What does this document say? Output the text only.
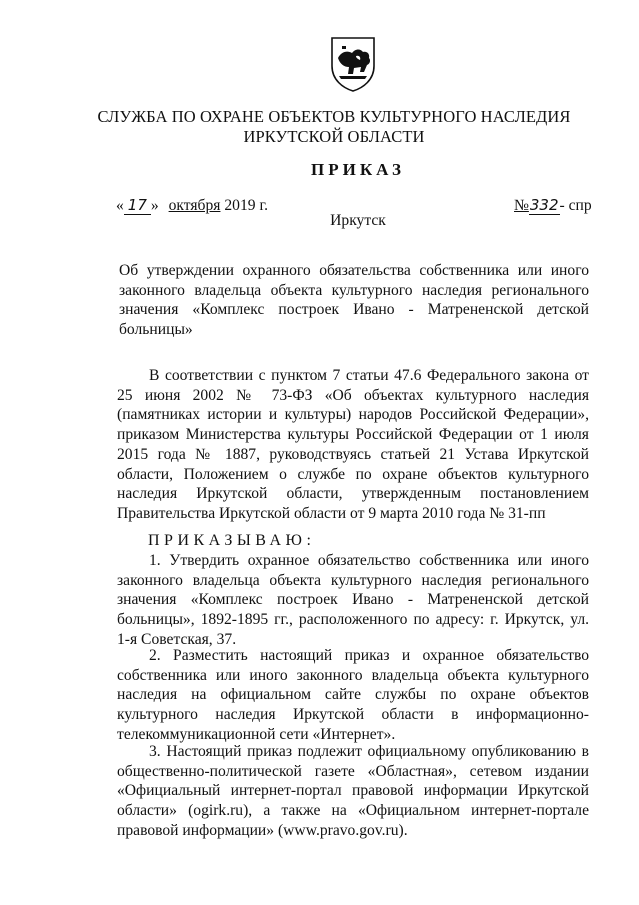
СЛУЖБА ПО ОХРАНЕ ОБЪЕКТОВ КУЛЬТУРНОГО НАСЛЕДИЯ
ИРКУТСКОЙ ОБЛАСТИ
ПРИКАЗ
« 17 » октября 2019 г.	№332- спр
Иркутск

Об утверждении охранного обязательства собственника или иного законного владельца объекта культурного наследия регионального значения «Комплекс построек Ивано - Матрененской детской больницы»

В соответствии с пунктом 7 статьи 47.6 Федерального закона от 25 июня 2002 № 73-ФЗ «Об объектах культурного наследия (памятниках истории и культуры) народов Российской Федерации», приказом Министерства культуры Российской Федерации от 1 июля 2015 года № 1887, руководствуясь статьей 21 Устава Иркутской области, Положением о службе по охране объектов культурного наследия Иркутской области, утвержденным постановлением Правительства Иркутской области от 9 марта 2010 года № 31-пп

ПРИКАЗЫВАЮ:

1. Утвердить охранное обязательство собственника или иного законного владельца объекта культурного наследия регионального значения «Комплекс построек Ивано - Матрененской детской больницы», 1892-1895 гг., расположенного по адресу: г. Иркутск, ул. 1-я Советская, 37.

2. Разместить настоящий приказ и охранное обязательство собственника или иного законного владельца объекта культурного наследия на официальном сайте службы по охране объектов культурного наследия Иркутской области в информационно-телекоммуникационной сети «Интернет».

3. Настоящий приказ подлежит официальному опубликованию в общественно-политической газете «Областная», сетевом издании «Официальный интернет-портал правовой информации Иркутской области» (ogirk.ru), а также на «Официальном интернет-портале правовой информации» (www.pravo.gov.ru).
